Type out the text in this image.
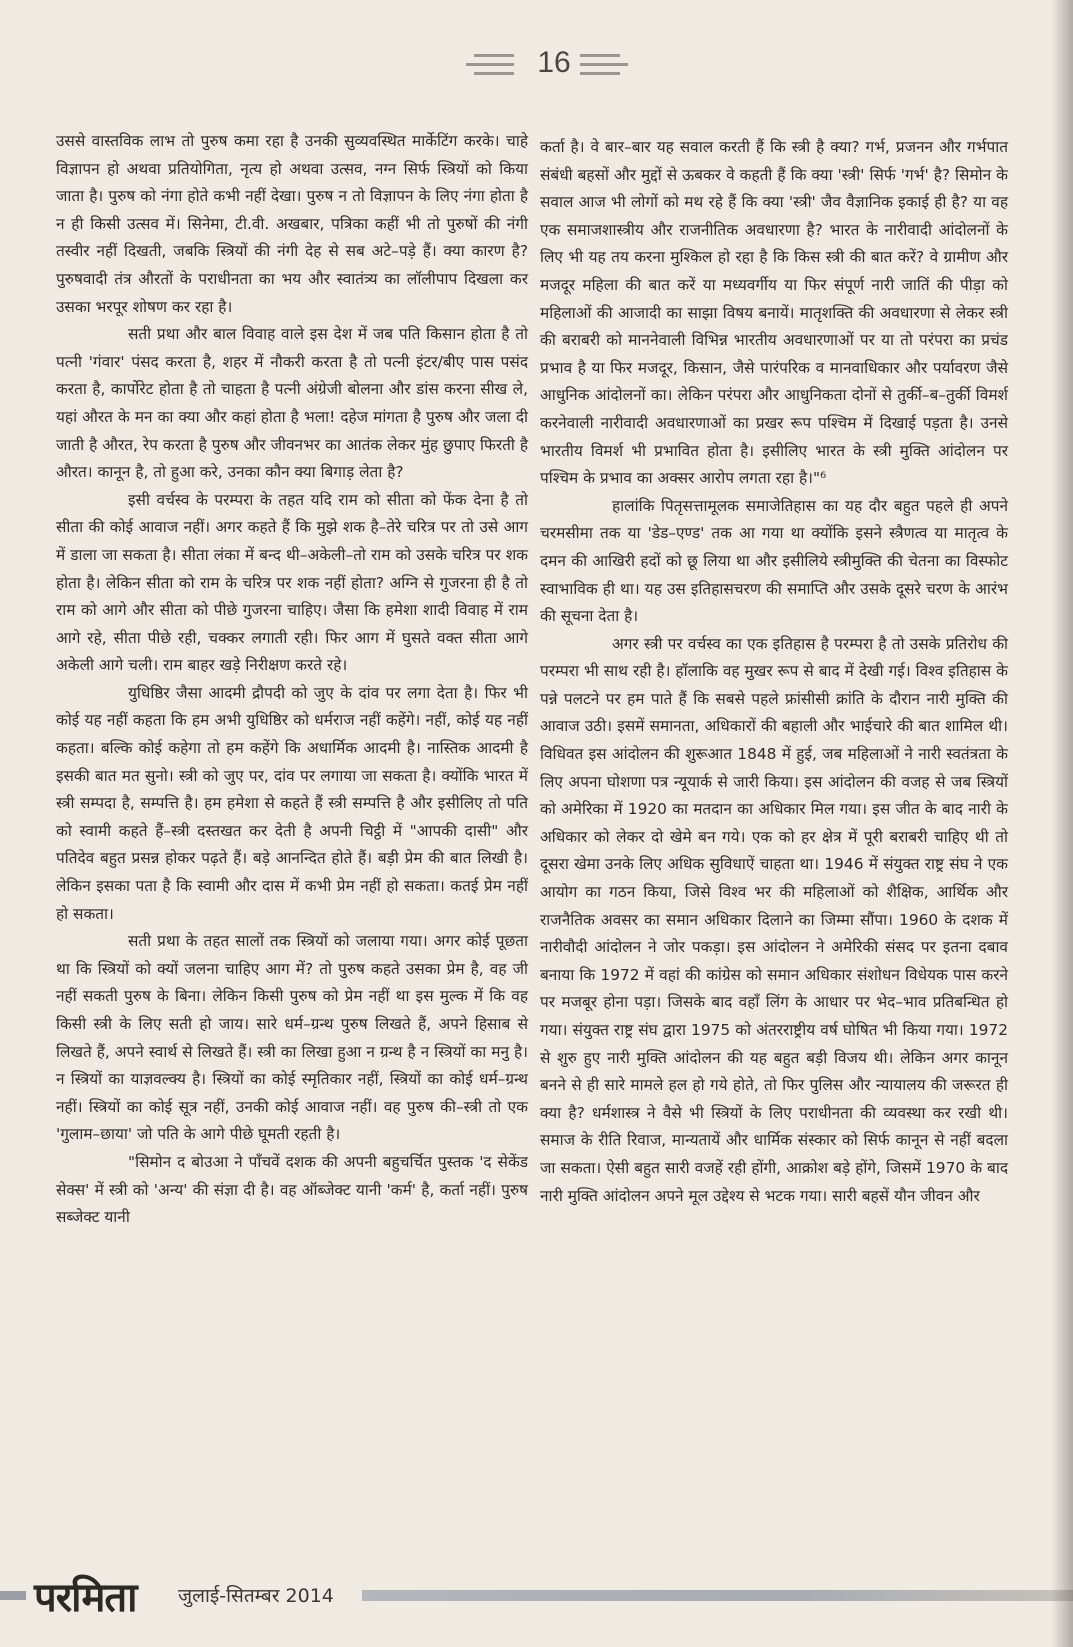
16

उससे वास्तविक लाभ तो पुरुष कमा रहा है उनकी सुव्यवस्थित मार्केटिंग करके। चाहे विज्ञापन हो अथवा प्रतियोगिता, नृत्य हो अथवा उत्सव, नग्न सिर्फ स्त्रियों को किया जाता है। पुरुष को नंगा होते कभी नहीं देखा। पुरुष न तो विज्ञापन के लिए नंगा होता है न ही किसी उत्सव में। सिनेमा, टी.वी. अखबार, पत्रिका कहीं भी तो पुरुषों की नंगी तस्वीर नहीं दिखती, जबकि स्त्रियों की नंगी देह से सब अटे–पड़े हैं। क्या कारण है? पुरुषवादी तंत्र औरतों के पराधीनता का भय और स्वातंत्र्य का लॉलीपाप दिखला कर उसका भरपूर शोषण कर रहा है।

सती प्रथा और बाल विवाह वाले इस देश में जब पति किसान होता है तो पत्नी 'गंवार' पंसद करता है, शहर में नौकरी करता है तो पत्नी इंटर/बीए पास पसंद करता है, कार्पोरेट होता है तो चाहता है पत्नी अंग्रेजी बोलना और डांस करना सीख ले, यहां औरत के मन का क्या और कहां होता है भला! दहेज मांगता है पुरुष और जला दी जाती है औरत, रेप करता है पुरुष और जीवनभर का आतंक लेकर मुंह छुपाए फिरती है औरत। कानून है, तो हुआ करे, उनका कौन क्या बिगाड़ लेता है?

इसी वर्चस्व के परम्परा के तहत यदि राम को सीता को फेंक देना है तो सीता की कोई आवाज नहीं। अगर कहते हैं कि मुझे शक है–तेरे चरित्र पर तो उसे आग में डाला जा सकता है। सीता लंका में बन्द थी–अकेली–तो राम को उसके चरित्र पर शक होता है। लेकिन सीता को राम के चरित्र पर शक नहीं होता? अग्नि से गुजरना ही है तो राम को आगे और सीता को पीछे गुजरना चाहिए। जैसा कि हमेशा शादी विवाह में राम आगे रहे, सीता पीछे रही, चक्कर लगाती रही। फिर आग में घुसते वक्त सीता आगे अकेली आगे चली। राम बाहर खड़े निरीक्षण करते रहे।

युधिष्ठिर जैसा आदमी द्रौपदी को जुए के दांव पर लगा देता है। फिर भी कोई यह नहीं कहता कि हम अभी युधिष्ठिर को धर्मराज नहीं कहेंगे। नहीं, कोई यह नहीं कहता। बल्कि कोई कहेगा तो हम कहेंगे कि अधार्मिक आदमी है। नास्तिक आदमी है इसकी बात मत सुनो। स्त्री को जुए पर, दांव पर लगाया जा सकता है। क्योंकि भारत में स्त्री सम्पदा है, सम्पत्ति है। हम हमेशा से कहते हैं स्त्री सम्पत्ति है और इसीलिए तो पति को स्वामी कहते हैं–स्त्री दस्तखत कर देती है अपनी चिट्ठी में "आपकी दासी" और पतिदेव बहुत प्रसन्न होकर पढ़ते हैं। बड़े आनन्दित होते हैं। बड़ी प्रेम की बात लिखी है। लेकिन इसका पता है कि स्वामी और दास में कभी प्रेम नहीं हो सकता। कतई प्रेम नहीं हो सकता।

सती प्रथा के तहत सालों तक स्त्रियों को जलाया गया। अगर कोई पूछता था कि स्त्रियों को क्यों जलना चाहिए आग में? तो पुरुष कहते उसका प्रेम है, वह जी नहीं सकती पुरुष के बिना। लेकिन किसी पुरुष को प्रेम नहीं था इस मुल्क में कि वह किसी स्त्री के लिए सती हो जाय। सारे धर्म–ग्रन्थ पुरुष लिखते हैं, अपने हिसाब से लिखते हैं, अपने स्वार्थ से लिखते हैं। स्त्री का लिखा हुआ न ग्रन्थ है न स्त्रियों का मनु है। न स्त्रियों का याज्ञवल्क्य है। स्त्रियों का कोई स्मृतिकार नहीं, स्त्रियों का कोई धर्म–ग्रन्थ नहीं। स्त्रियों का कोई सूत्र नहीं, उनकी कोई आवाज नहीं। वह पुरुष की–स्त्री तो एक 'गुलाम–छाया' जो पति के आगे पीछे घूमती रहती है।

"सिमोन द बोउआ ने पाँचवें दशक की अपनी बहुचर्चित पुस्तक 'द सेकेंड सेक्स' में स्त्री को 'अन्य' की संज्ञा दी है। वह ऑब्जेक्ट यानी 'कर्म' है, कर्ता नहीं। पुरुष सब्जेक्ट यानी

कर्ता है। वे बार–बार यह सवाल करती हैं कि स्त्री है क्या? गर्भ, प्रजनन और गर्भपात संबंधी बहसों और मुद्दों से ऊबकर वे कहती हैं कि क्या 'स्त्री' सिर्फ 'गर्भ' है? सिमोन के सवाल आज भी लोगों को मथ रहे हैं कि क्या 'स्त्री' जैव वैज्ञानिक इकाई ही है? या वह एक समाजशास्त्रीय और राजनीतिक अवधारणा है? भारत के नारीवादी आंदोलनों के लिए भी यह तय करना मुश्किल हो रहा है कि किस स्त्री की बात करें? वे ग्रामीण और मजदूर महिला की बात करें या मध्यवर्गीय या फिर संपूर्ण नारी जातिं की पीड़ा को महिलाओं की आजादी का साझा विषय बनायें। मातृशक्ति की अवधारणा से लेकर स्त्री की बराबरी को माननेवाली विभिन्न भारतीय अवधारणाओं पर या तो परंपरा का प्रचंड प्रभाव है या फिर मजदूर, किसान, जैसे पारंपरिक व मानवाधिकार और पर्यावरण जैसे आधुनिक आंदोलनों का। लेकिन परंपरा और आधुनिकता दोनों से तुर्की–ब–तुर्की विमर्श करनेवाली नारीवादी अवधारणाओं का प्रखर रूप पश्चिम में दिखाई पड़ता है। उनसे भारतीय विमर्श भी प्रभावित होता है। इसीलिए भारत के स्त्री मुक्ति आंदोलन पर पश्चिम के प्रभाव का अक्सर आरोप लगता रहा है।"⁶

हालांकि पितृसत्तामूलक समाजेतिहास का यह दौर बहुत पहले ही अपने चरमसीमा तक या 'डेड–एण्ड' तक आ गया था क्योंकि इसने स्त्रैणत्व या मातृत्व के दमन की आखिरी हदों को छू लिया था और इसीलिये स्त्रीमुक्ति की चेतना का विस्फोट स्वाभाविक ही था। यह उस इतिहासचरण की समाप्ति और उसके दूसरे चरण के आरंभ की सूचना देता है।

अगर स्त्री पर वर्चस्व का एक इतिहास है परम्परा है तो उसके प्रतिरोध की परम्परा भी साथ रही है। हॉलाकि वह मुखर रूप से बाद में देखी गई। विश्व इतिहास के पन्ने पलटने पर हम पाते हैं कि सबसे पहले फ्रांसीसी क्रांति के दौरान नारी मुक्ति की आवाज उठी। इसमें समानता, अधिकारों की बहाली और भाईचारे की बात शामिल थी। विधिवत इस आंदोलन की शुरूआत 1848 में हुई, जब महिलाओं ने नारी स्वतंत्रता के लिए अपना घोशणा पत्र न्यूयार्क से जारी किया। इस आंदोलन की वजह से जब स्त्रियों को अमेरिका में 1920 का मतदान का अधिकार मिल गया। इस जीत के बाद नारी के अधिकार को लेकर दो खेमे बन गये। एक को हर क्षेत्र में पूरी बराबरी चाहिए थी तो दूसरा खेमा उनके लिए अधिक सुविधाऐं चाहता था। 1946 में संयुक्त राष्ट्र संघ ने एक आयोग का गठन किया, जिसे विश्व भर की महिलाओं को शैक्षिक, आर्थिक और राजनैतिक अवसर का समान अधिकार दिलाने का जिम्मा सौंपा। 1960 के दशक में नारीवौदी आंदोलन ने जोर पकड़ा। इस आंदोलन ने अमेरिकी संसद पर इतना दबाव बनाया कि 1972 में वहां की कांग्रेस को समान अधिकार संशोधन विधेयक पास करने पर मजबूर होना पड़ा। जिसके बाद वहाँ लिंग के आधार पर भेद–भाव प्रतिबन्धित हो गया। संयुक्त राष्ट्र संघ द्वारा 1975 को अंतरराष्ट्रीय वर्ष घोषित भी किया गया। 1972 से शुरु हुए नारी मुक्ति आंदोलन की यह बहुत बड़ी विजय थी। लेकिन अगर कानून बनने से ही सारे मामले हल हो गये होते, तो फिर पुलिस और न्यायालय की जरूरत ही क्या है? धर्मशास्त्र ने वैसे भी स्त्रियों के लिए पराधीनता की व्यवस्था कर रखी थी। समाज के रीति रिवाज, मान्यतायें और धार्मिक संस्कार को सिर्फ कानून से नहीं बदला जा सकता। ऐसी बहुत सारी वजहें रही होंगी, आक्रोश बड़े होंगे, जिसमें 1970 के बाद नारी मुक्ति आंदोलन अपने मूल उद्देश्य से भटक गया। सारी बहसें यौन जीवन और

परमिता जुलाई-सितम्बर 2014
